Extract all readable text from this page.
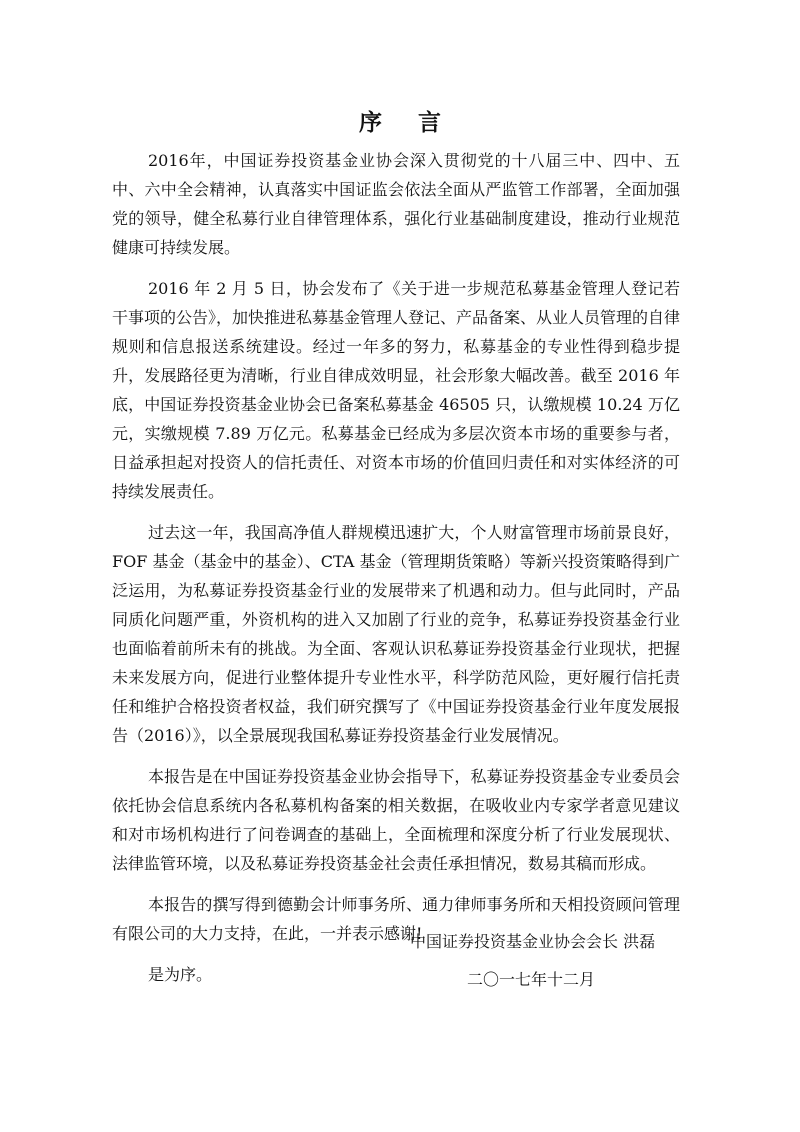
序 言

2016年，中国证券投资基金业协会深入贯彻党的十八届三中、四中、五中、六中全会精神，认真落实中国证监会依法全面从严监管工作部署，全面加强党的领导，健全私募行业自律管理体系，强化行业基础制度建设，推动行业规范健康可持续发展。

2016 年 2 月 5 日，协会发布了《关于进一步规范私募基金管理人登记若干事项的公告》，加快推进私募基金管理人登记、产品备案、从业人员管理的自律规则和信息报送系统建设。经过一年多的努力，私募基金的专业性得到稳步提升，发展路径更为清晰，行业自律成效明显，社会形象大幅改善。截至 2016 年底，中国证券投资基金业协会已备案私募基金 46505 只，认缴规模 10.24 万亿元，实缴规模 7.89 万亿元。私募基金已经成为多层次资本市场的重要参与者，日益承担起对投资人的信托责任、对资本市场的价值回归责任和对实体经济的可持续发展责任。

过去这一年，我国高净值人群规模迅速扩大，个人财富管理市场前景良好，FOF 基金（基金中的基金）、CTA 基金（管理期货策略）等新兴投资策略得到广泛运用，为私募证券投资基金行业的发展带来了机遇和动力。但与此同时，产品同质化问题严重，外资机构的进入又加剧了行业的竞争，私募证券投资基金行业也面临着前所未有的挑战。为全面、客观认识私募证券投资基金行业现状，把握未来发展方向，促进行业整体提升专业性水平，科学防范风险，更好履行信托责任和维护合格投资者权益，我们研究撰写了《中国证券投资基金行业年度发展报告（2016）》，以全景展现我国私募证券投资基金行业发展情况。

本报告是在中国证券投资基金业协会指导下，私募证券投资基金专业委员会依托协会信息系统内各私募机构备案的相关数据，在吸收业内专家学者意见建议和对市场机构进行了问卷调查的基础上，全面梳理和深度分析了行业发展现状、法律监管环境，以及私募证券投资基金社会责任承担情况，数易其稿而形成。

本报告的撰写得到德勤会计师事务所、通力律师事务所和天相投资顾问管理有限公司的大力支持，在此，一并表示感谢!

是为序。

中国证券投资基金业协会会长 洪磊
二〇一七年十二月
